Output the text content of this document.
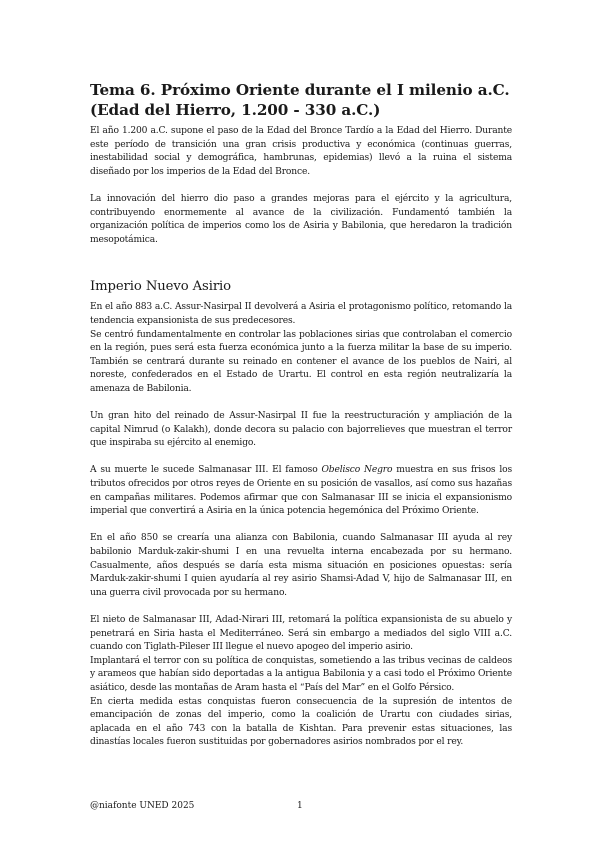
Tema 6. Próximo Oriente durante el I milenio a.C. (Edad del Hierro, 1.200 - 330 a.C.)

El año 1.200 a.C. supone el paso de la Edad del Bronce Tardío a la Edad del Hierro. Durante este período de transición una gran crisis productiva y económica (continuas guerras, inestabilidad social y demográfica, hambrunas, epidemias) llevó a la ruina el sistema diseñado por los imperios de la Edad del Bronce.

La innovación del hierro dio paso a grandes mejoras para el ejército y la agricultura, contribuyendo enormemente al avance de la civilización. Fundamentó también la organización política de imperios como los de Asiria y Babilonia, que heredaron la tradición mesopotámica.

Imperio Nuevo Asirio

En el año 883 a.C. Assur-Nasirpal II devolverá a Asiria el protagonismo político, retomando la tendencia expansionista de sus predecesores.

Se centró fundamentalmente en controlar las poblaciones sirias que controlaban el comercio en la región, pues será esta fuerza económica junto a la fuerza militar la base de su imperio. También se centrará durante su reinado en contener el avance de los pueblos de Nairi, al noreste, confederados en el Estado de Urartu. El control en esta región neutralizaría la amenaza de Babilonia.

Un gran hito del reinado de Assur-Nasirpal II fue la reestructuración y ampliación de la capital Nimrud (o Kalakh), donde decora su palacio con bajorrelieves que muestran el terror que inspiraba su ejército al enemigo.

A su muerte le sucede Salmanasar III. El famoso Obelisco Negro muestra en sus frisos los tributos ofrecidos por otros reyes de Oriente en su posición de vasallos, así como sus hazañas en campañas militares. Podemos afirmar que con Salmanasar III se inicia el expansionismo imperial que convertirá a Asiria en la única potencia hegemónica del Próximo Oriente.

En el año 850 se crearía una alianza con Babilonia, cuando Salmanasar III ayuda al rey babilonio Marduk-zakir-shumi I en una revuelta interna encabezada por su hermano. Casualmente, años después se daría esta misma situación en posiciones opuestas: sería Marduk-zakir-shumi I quien ayudaría al rey asirio Shamsi-Adad V, hijo de Salmanasar III, en una guerra civil provocada por su hermano.

El nieto de Salmanasar III, Adad-Nirari III, retomará la política expansionista de su abuelo y penetrará en Siria hasta el Mediterráneo. Será sin embargo a mediados del siglo VIII a.C. cuando con Tiglath-Pileser III llegue el nuevo apogeo del imperio asirio.

Implantará el terror con su política de conquistas, sometiendo a las tribus vecinas de caldeos y arameos que habían sido deportadas a la antigua Babilonia y a casi todo el Próximo Oriente asiático, desde las montañas de Aram hasta el “País del Mar” en el Golfo Pérsico.

En cierta medida estas conquistas fueron consecuencia de la supresión de intentos de emancipación de zonas del imperio, como la coalición de Urartu con ciudades sirias, aplacada en el año 743 con la batalla de Kishtan. Para prevenir estas situaciones, las dinastías locales fueron sustituidas por gobernadores asirios nombrados por el rey.

@niafonte UNED 2025	1
